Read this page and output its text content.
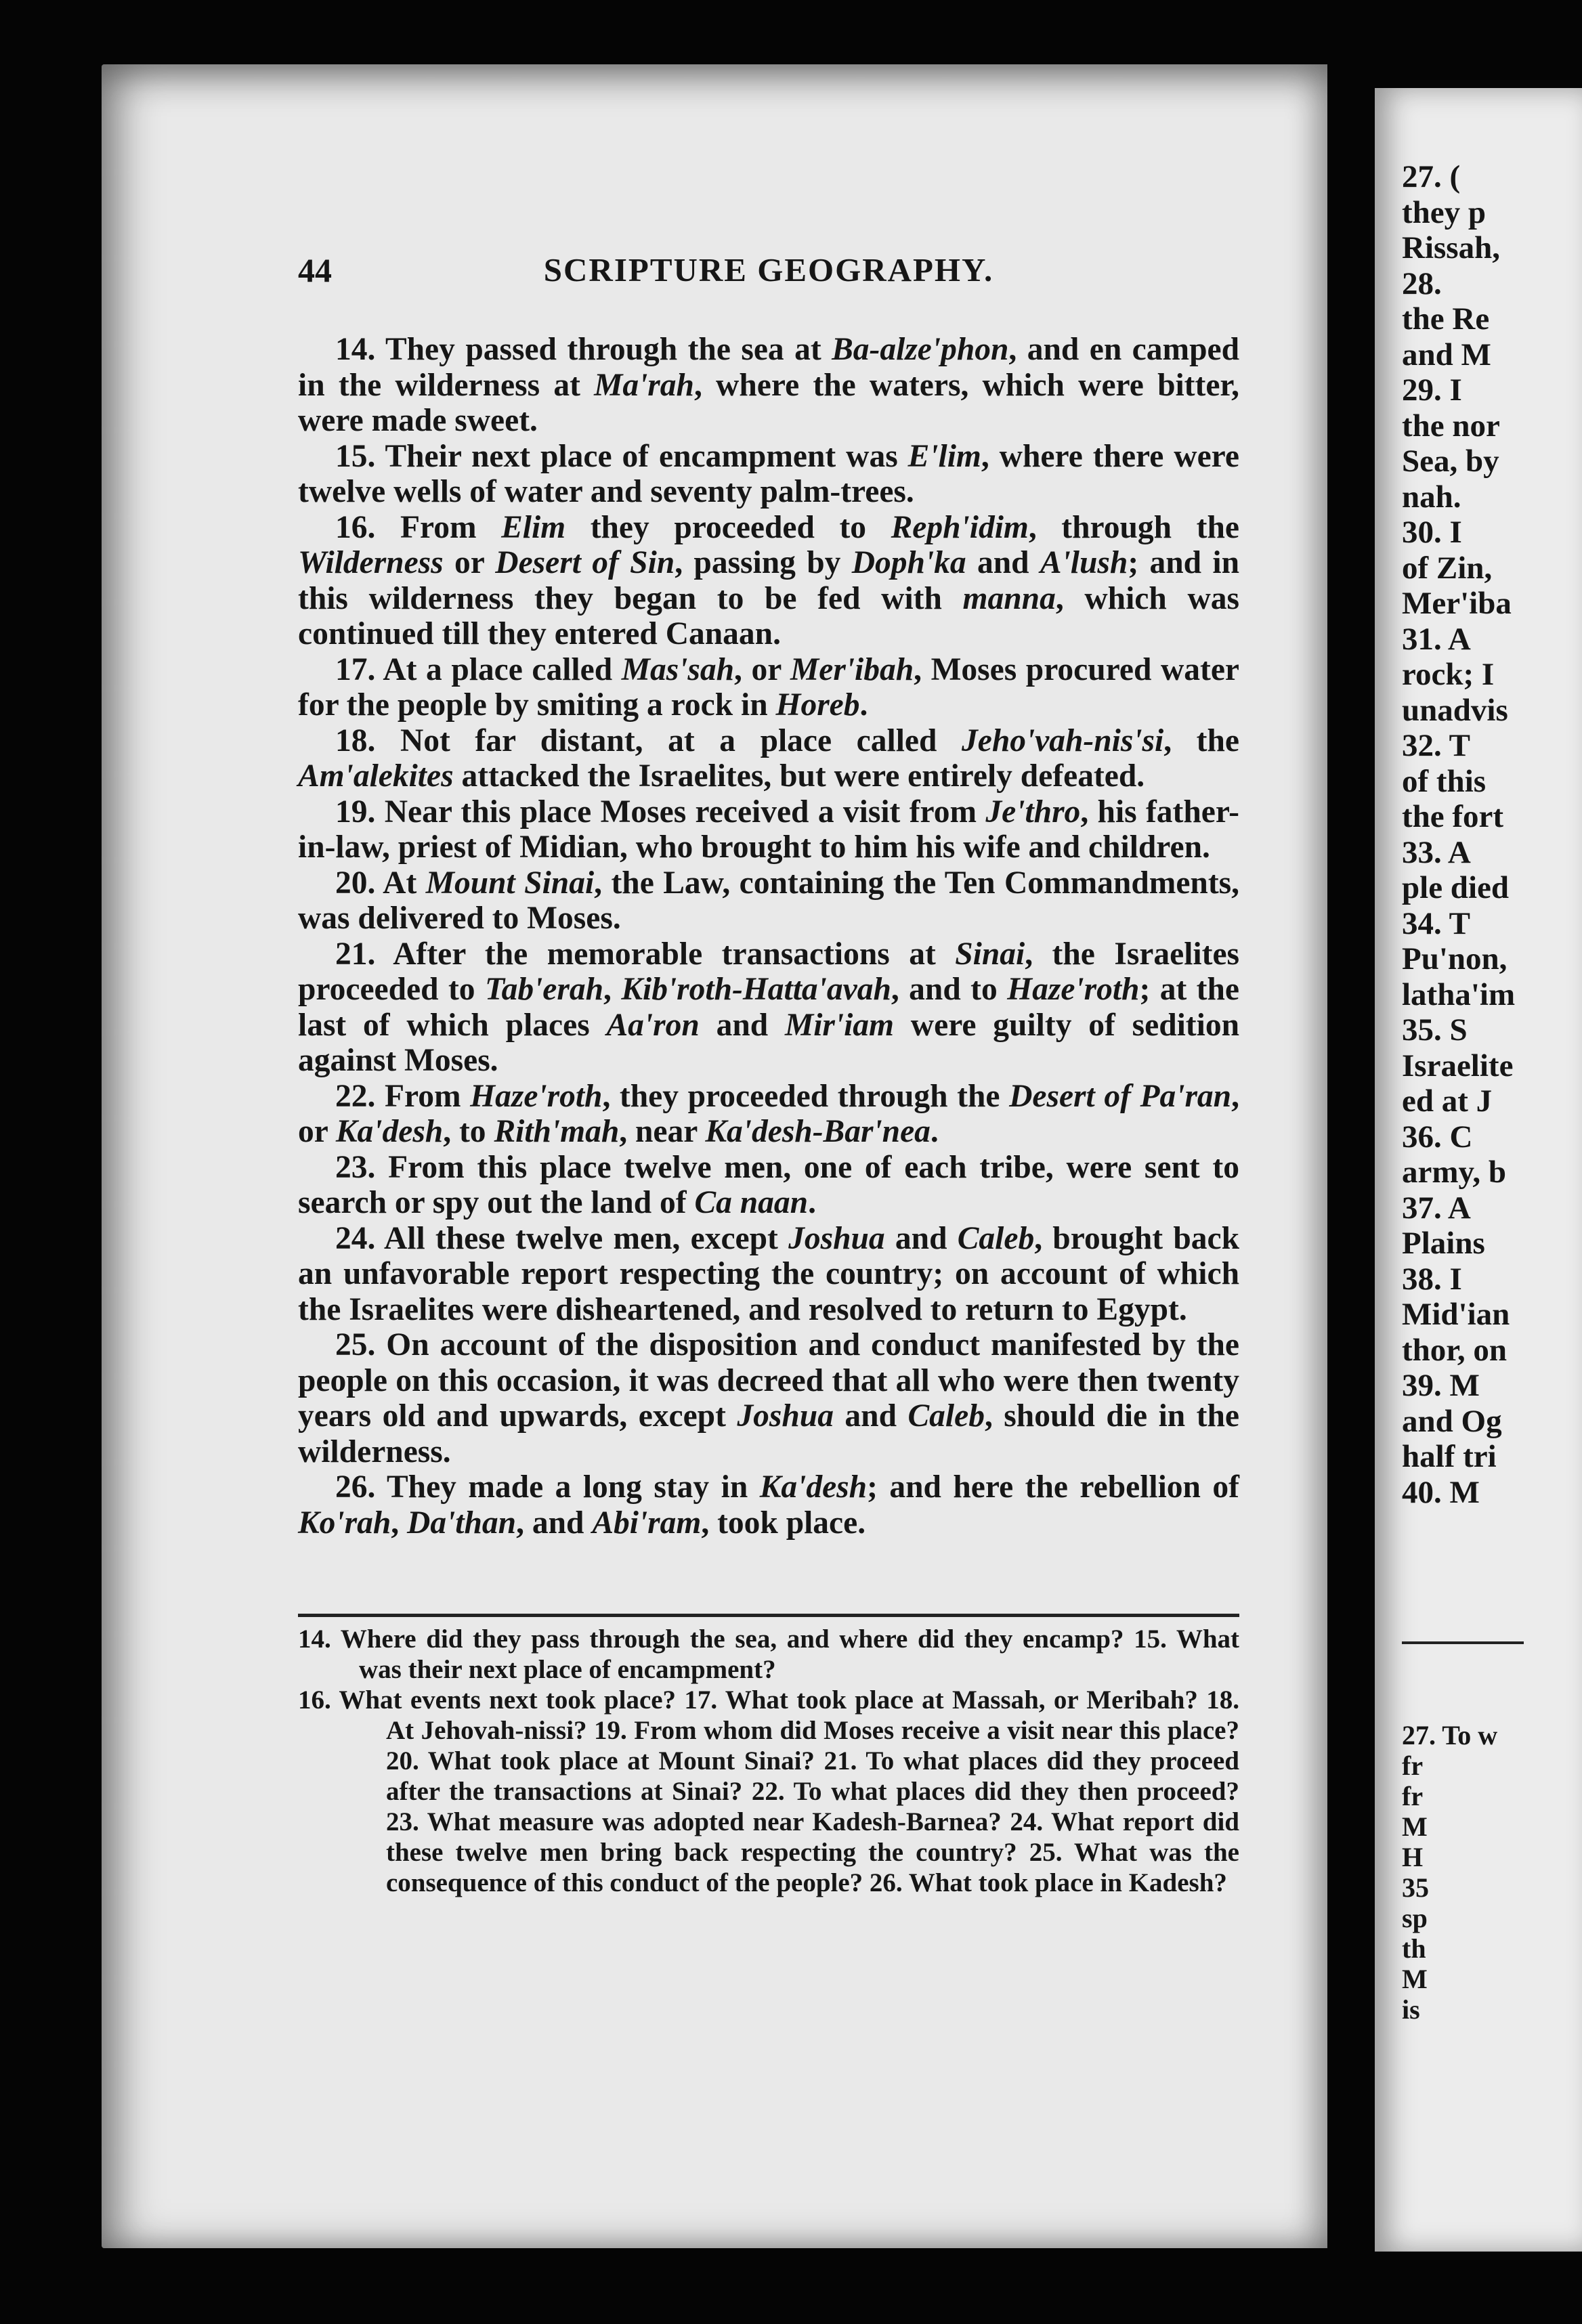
44	SCRIPTURE GEOGRAPHY.

14. They passed through the sea at Ba-alze'phon, and en camped in the wilderness at Ma'rah, where the waters, which were bitter, were made sweet.

15. Their next place of encampment was E'lim, where there were twelve wells of water and seventy palm-trees.

16. From Elim they proceeded to Reph'idim, through the Wilderness or Desert of Sin, passing by Doph'ka and A'lush; and in this wilderness they began to be fed with manna, which was continued till they entered Canaan.

17. At a place called Mas'sah, or Mer'ibah, Moses procured water for the people by smiting a rock in Horeb.

18. Not far distant, at a place called Jeho'vah-nis'si, the Am'alekites attacked the Israelites, but were entirely defeated.

19. Near this place Moses received a visit from Je'thro, his father-in-law, priest of Midian, who brought to him his wife and children.

20. At Mount Sinai, the Law, containing the Ten Commandments, was delivered to Moses.

21. After the memorable transactions at Sinai, the Israelites proceeded to Tab'erah, Kib'roth-Hatta'avah, and to Haze'roth; at the last of which places Aa'ron and Mir'iam were guilty of sedition against Moses.

22. From Haze'roth, they proceeded through the Desert of Pa'ran, or Ka'desh, to Rith'mah, near Ka'desh-Bar'nea.

23. From this place twelve men, one of each tribe, were sent to search or spy out the land of Ca naan.

24. All these twelve men, except Joshua and Caleb, brought back an unfavorable report respecting the country; on account of which the Israelites were disheartened, and resolved to return to Egypt.

25. On account of the disposition and conduct manifested by the people on this occasion, it was decreed that all who were then twenty years old and upwards, except Joshua and Caleb, should die in the wilderness.

26. They made a long stay in Ka'desh; and here the rebellion of Ko'rah, Da'than, and Abi'ram, took place.

14. Where did they pass through the sea, and where did they encamp? 15. What was their next place of encampment?

16. What events next took place? 17. What took place at Massah, or Meribah? 18. At Jehovah-nissi? 19. From whom did Moses receive a visit near this place? 20. What took place at Mount Sinai? 21. To what places did they proceed after the transactions at Sinai? 22. To what places did they then proceed? 23. What measure was adopted near Kadesh-Barnea? 24. What report did these twelve men bring back respecting the country? 25. What was the consequence of this conduct of the people? 26. What took place in Kadesh?

27. (
they p
Rissah,
28.
the Re
and M
29. I
the nor
Sea, by
nah.
30. I
of Zin,
Mer'iba
31. A
rock; I
unadvis
32. T
of this
the fort
33. A
ple died
34. T
Pu'non,
latha'im
35. S
Israelite
ed at J
36. C
army, b
37. A
Plains
38. I
Mid'ian
thor, on
39. M
and Og
half tri
40. M
27. To w
fr
fr
M
H
35
sp
th
M
is
